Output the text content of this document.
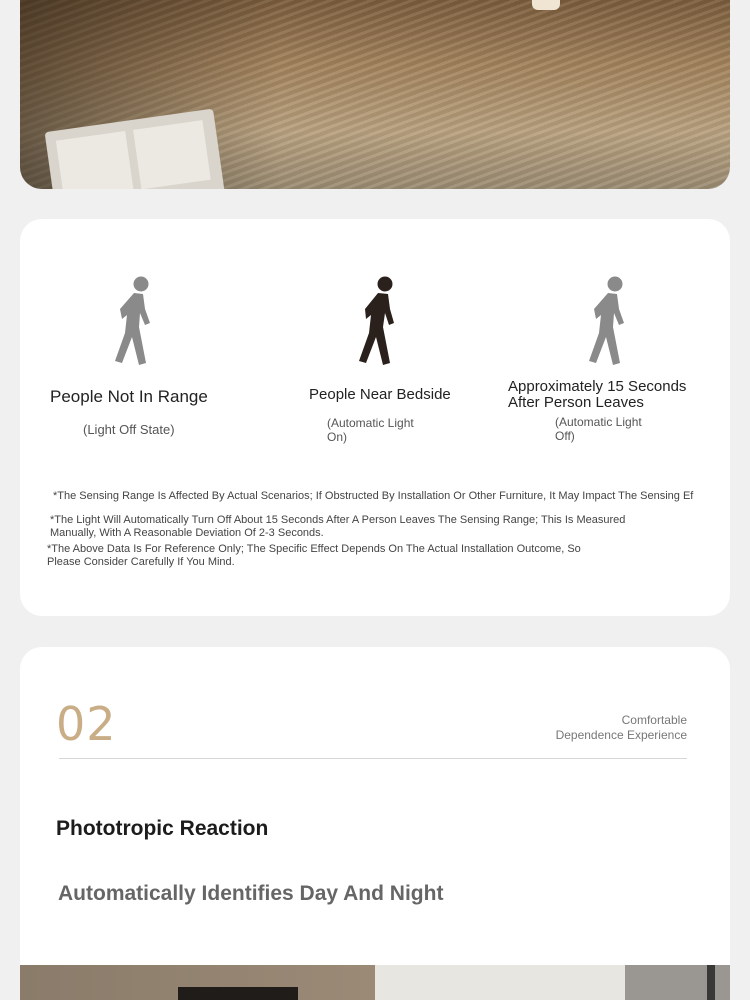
People Not In Range
(Light Off State)
People Near Bedside
(Automatic Light
On)
Approximately 15 Seconds
After Person Leaves
(Automatic Light
Off)
*The Sensing Range Is Affected By Actual Scenarios; If Obstructed By Installation Or Other Furniture, It May Impact The Sensing Ef
*The Light Will Automatically Turn Off About 15 Seconds After A Person Leaves The Sensing Range; This Is Measured
Manually, With A Reasonable Deviation Of 2-3 Seconds.
*The Above Data Is For Reference Only; The Specific Effect Depends On The Actual Installation Outcome, So
Please Consider Carefully If You Mind.
02	Comfortable
Dependence Experience
Phototropic Reaction
Automatically Identifies Day And Night
